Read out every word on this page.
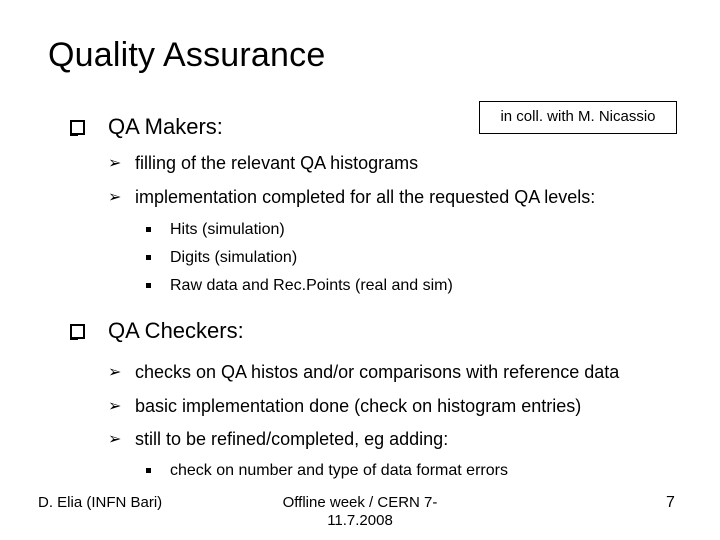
Quality Assurance
in coll. with M. Nicassio
QA Makers:
➢ filling of the relevant QA histograms
➢ implementation completed for all the requested QA levels:
Hits (simulation)
Digits (simulation)
Raw data and Rec.Points (real and sim)
QA Checkers:
➢ checks on QA histos and/or comparisons with reference data
➢ basic implementation done (check on histogram entries)
➢ still to be refined/completed, eg adding:
check on number and type of data format errors
D. Elia (INFN Bari)	Offline week / CERN 7-
11.7.2008
7
